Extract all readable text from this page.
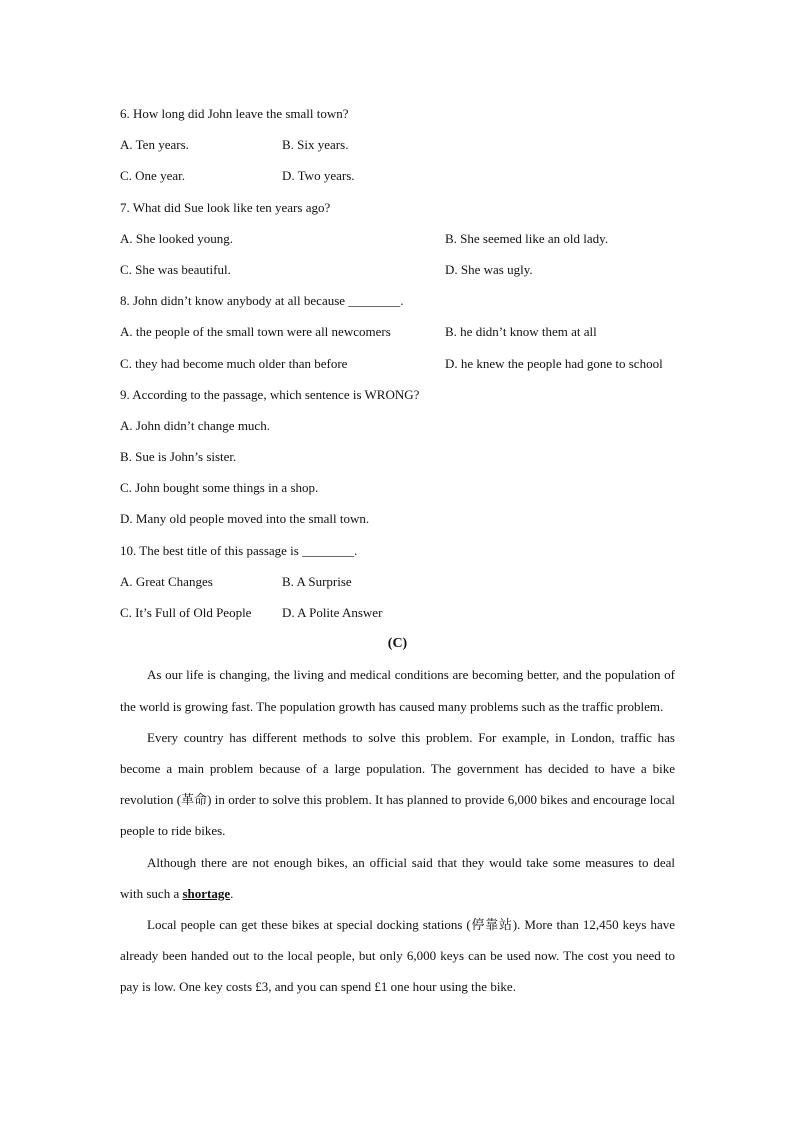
6. How long did John leave the small town?
A. Ten years.	B. Six years.
C. One year.	D. Two years.
7. What did Sue look like ten years ago?
A. She looked young.	B. She seemed like an old lady.
C. She was beautiful.	D. She was ugly.
8. John didn’t know anybody at all because ________.
A. the people of the small town were all newcomers	B. he didn’t know them at all
C. they had become much older than before	D. he knew the people had gone to school
9. According to the passage, which sentence is WRONG?
A. John didn’t change much.
B. Sue is John’s sister.
C. John bought some things in a shop.
D. Many old people moved into the small town.
10. The best title of this passage is ________.
A. Great Changes	B. A Surprise
C. It’s Full of Old People D. A Polite Answer
(C)

As our life is changing, the living and medical conditions are becoming better, and the population of the world is growing fast. The population growth has caused many problems such as the traffic problem.

Every country has different methods to solve this problem. For example, in London, traffic has become a main problem because of a large population. The government has decided to have a bike revolution (革命) in order to solve this problem. It has planned to provide 6,000 bikes and encourage local people to ride bikes.

Although there are not enough bikes, an official said that they would take some measures to deal with such a shortage.

Local people can get these bikes at special docking stations (停靠站). More than 12,450 keys have already been handed out to the local people, but only 6,000 keys can be used now. The cost you need to pay is low. One key costs £3, and you can spend £1 one hour using the bike.
